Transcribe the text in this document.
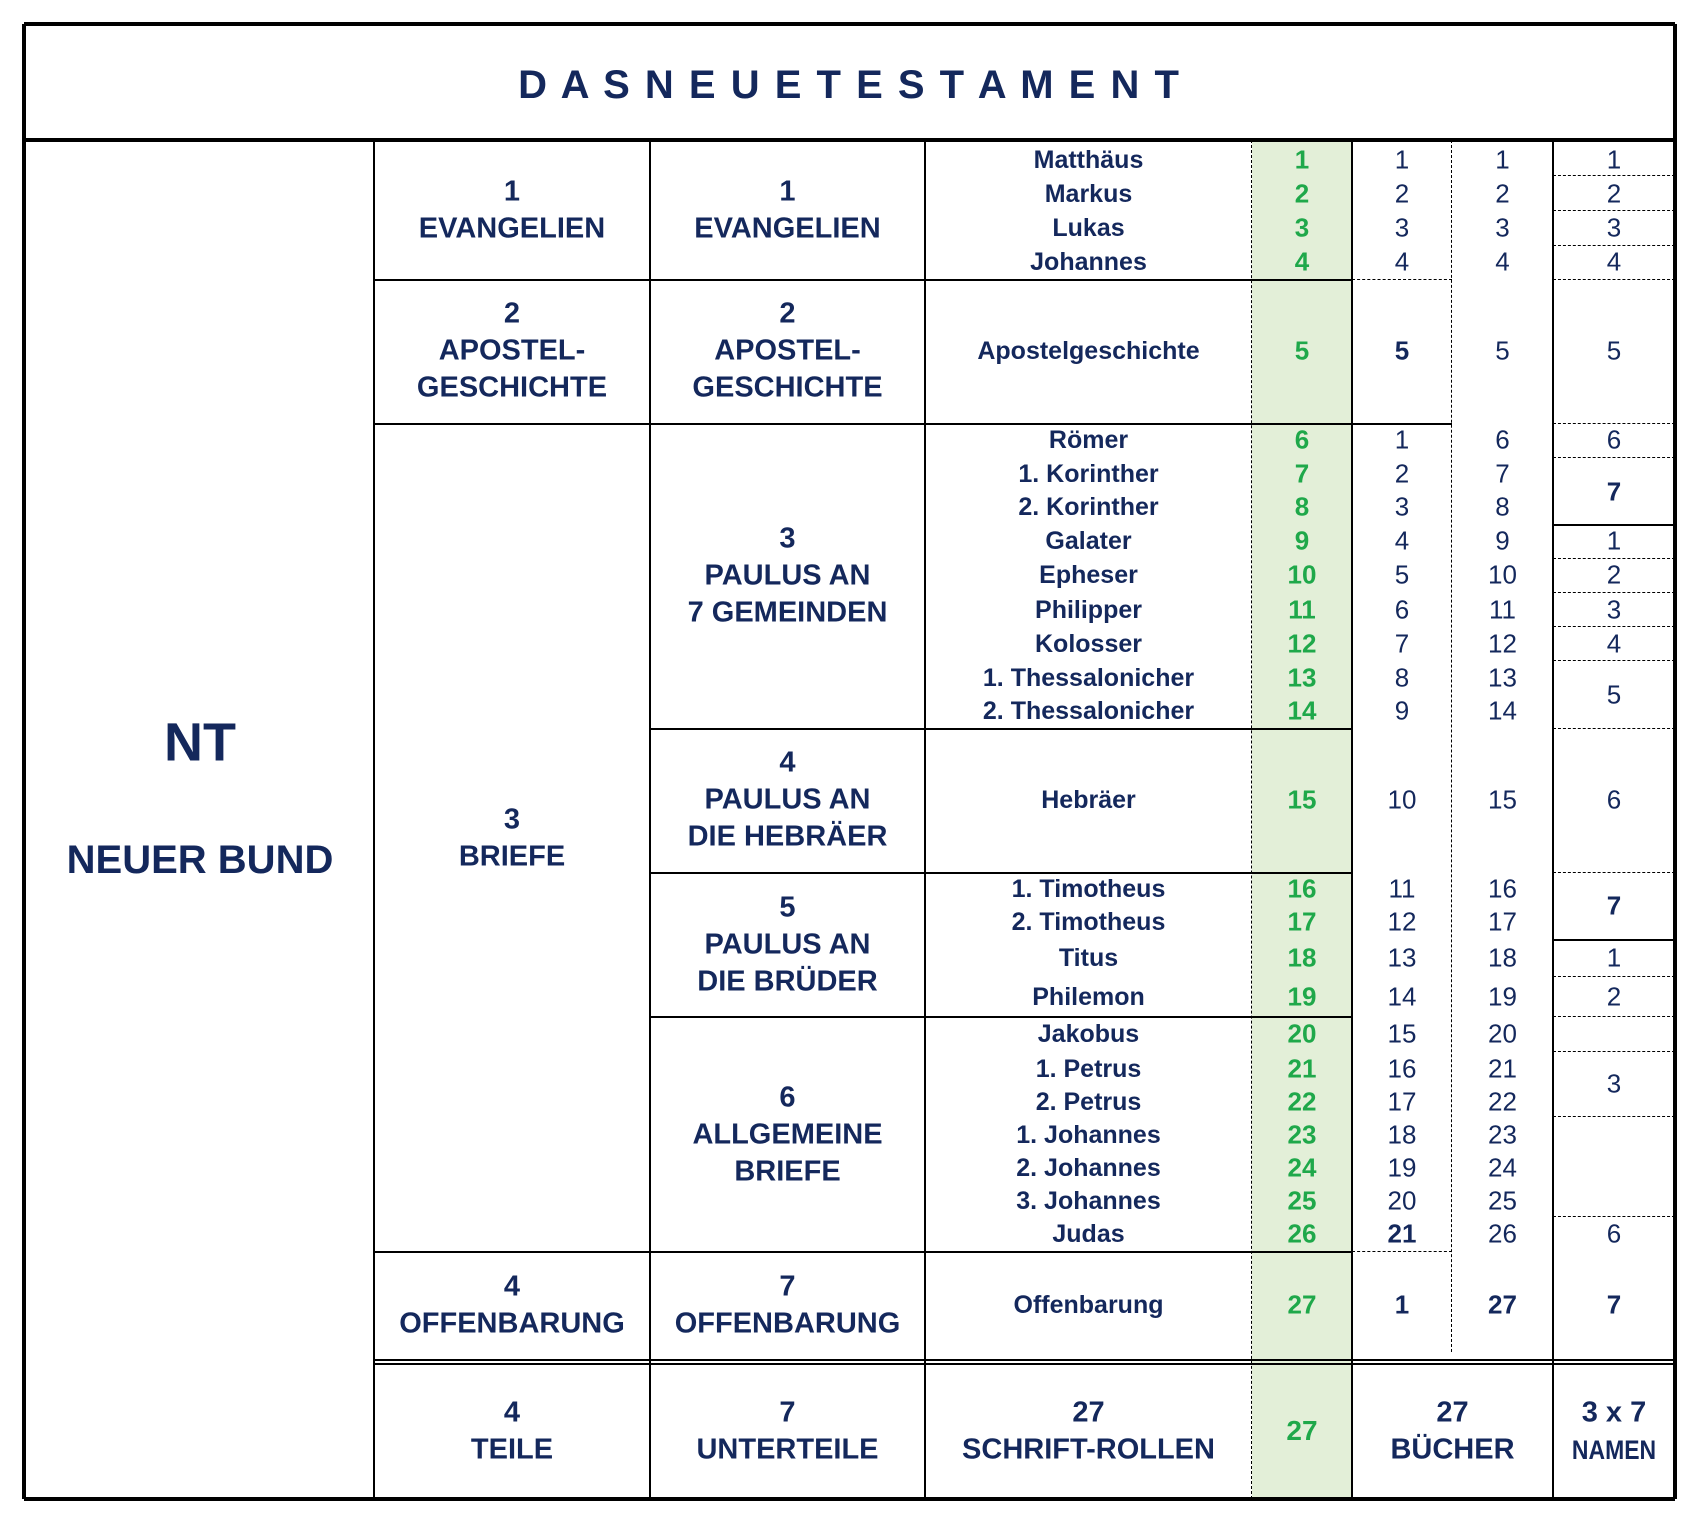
D A S N E U E T E S T A M E N T
NT
NEUER BUND
1
EVANGELIEN
2
APOSTEL-
GESCHICHTE
3
BRIEFE
4
OFFENBARUNG
1
EVANGELIEN
2
APOSTEL-
GESCHICHTE
3
PAULUS AN
7 GEMEINDEN
4
PAULUS AN
DIE HEBRÄER
5
PAULUS AN
DIE BRÜDER
6
ALLGEMEINE
BRIEFE
7
OFFENBARUNG
Matthäus
Markus
Lukas
Johannes
Apostelgeschichte
Römer
1. Korinther
2. Korinther
Galater
Epheser
Philipper
Kolosser
1. Thessalonicher
2. Thessalonicher
Hebräer
1. Timotheus
2. Timotheus
Titus
Philemon
Jakobus
1. Petrus
2. Petrus
1. Johannes
2. Johannes
3. Johannes
Judas
Offenbarung
1
2
3
4
5
6
7
8
9
10
11
12
13
14
15
16
17
18
19
20
21
22
23
24
25
26
27
1
2
3
4
5
1
2
3
4
5
6
7
8
9
10
11
12
13
14
15
16
17
18
19
20
21
1
1
2
3
4
5
6
7
8
9
10
11
12
13
14
15
16
17
18
19
20
21
22
23
24
25
26
27
1
2
3
4
5
6
7
1
2
3
4
5
6
7
1
2
3
6
7
4
TEILE
7
UNTERTEILE
27
SCHRIFT-ROLLEN
27
27
BÜCHER
3 x 7
NAMEN
